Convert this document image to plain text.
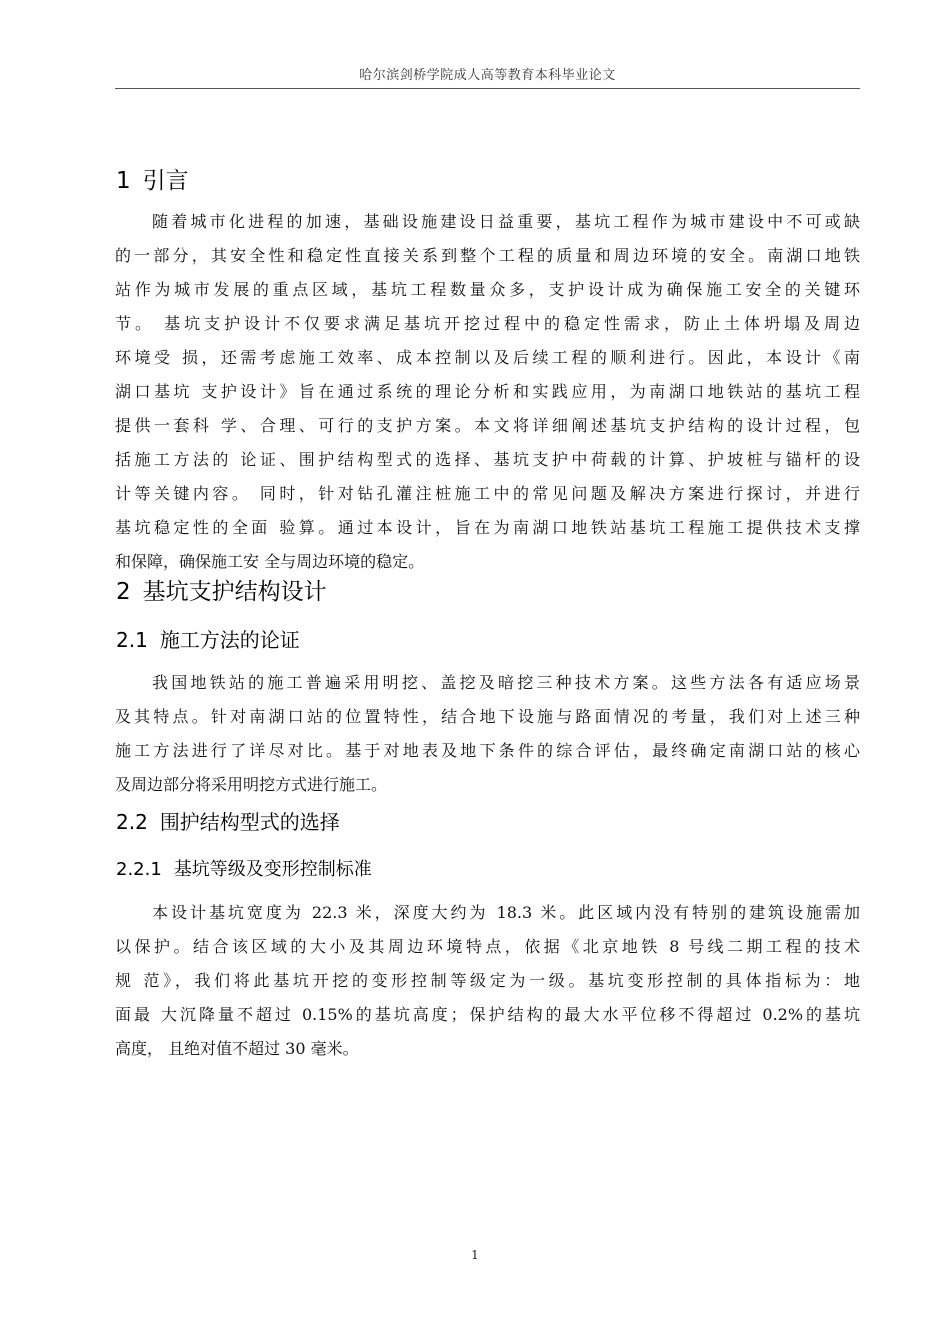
哈尔滨剑桥学院成人高等教育本科毕业论文
1 引言
随着城市化进程的加速，基础设施建设日益重要，基坑工程作为城市建设中不可或缺
的一部分，其安全性和稳定性直接关系到整个工程的质量和周边环境的安全。南湖口地铁
站作为城市发展的重点区域，基坑工程数量众多，支护设计成为确保施工安全的关键环
节。 基坑支护设计不仅要求满足基坑开挖过程中的稳定性需求，防止土体坍塌及周边
环境受 损，还需考虑施工效率、成本控制以及后续工程的顺利进行。因此，本设计《南
湖口基坑 支护设计》旨在通过系统的理论分析和实践应用，为南湖口地铁站的基坑工程
提供一套科 学、合理、可行的支护方案。本文将详细阐述基坑支护结构的设计过程，包
括施工方法的 论证、围护结构型式的选择、基坑支护中荷载的计算、护坡桩与锚杆的设
计等关键内容。 同时，针对钻孔灌注桩施工中的常见问题及解决方案进行探讨，并进行
基坑稳定性的全面 验算。通过本设计，旨在为南湖口地铁站基坑工程施工提供技术支撑
和保障，确保施工安 全与周边环境的稳定。
2 基坑支护结构设计
2.1 施工方法的论证
我国地铁站的施工普遍采用明挖、盖挖及暗挖三种技术方案。这些方法各有适应场景
及其特点。针对南湖口站的位置特性，结合地下设施与路面情况的考量，我们对上述三种
施工方法进行了详尽对比。基于对地表及地下条件的综合评估，最终确定南湖口站的核心
及周边部分将采用明挖方式进行施工。
2.2 围护结构型式的选择
2.2.1 基坑等级及变形控制标准
本设计基坑宽度为 22.3 米，深度大约为 18.3 米。此区域内没有特别的建筑设施需加
以保护。结合该区域的大小及其周边环境特点，依据《北京地铁 8 号线二期工程的技术
规 范》，我们将此基坑开挖的变形控制等级定为一级。基坑变形控制的具体指标为：地
面最 大沉降量不超过 0.15%的基坑高度；保护结构的最大水平位移不得超过 0.2%的基坑
高度， 且绝对值不超过 30 毫米。
1
